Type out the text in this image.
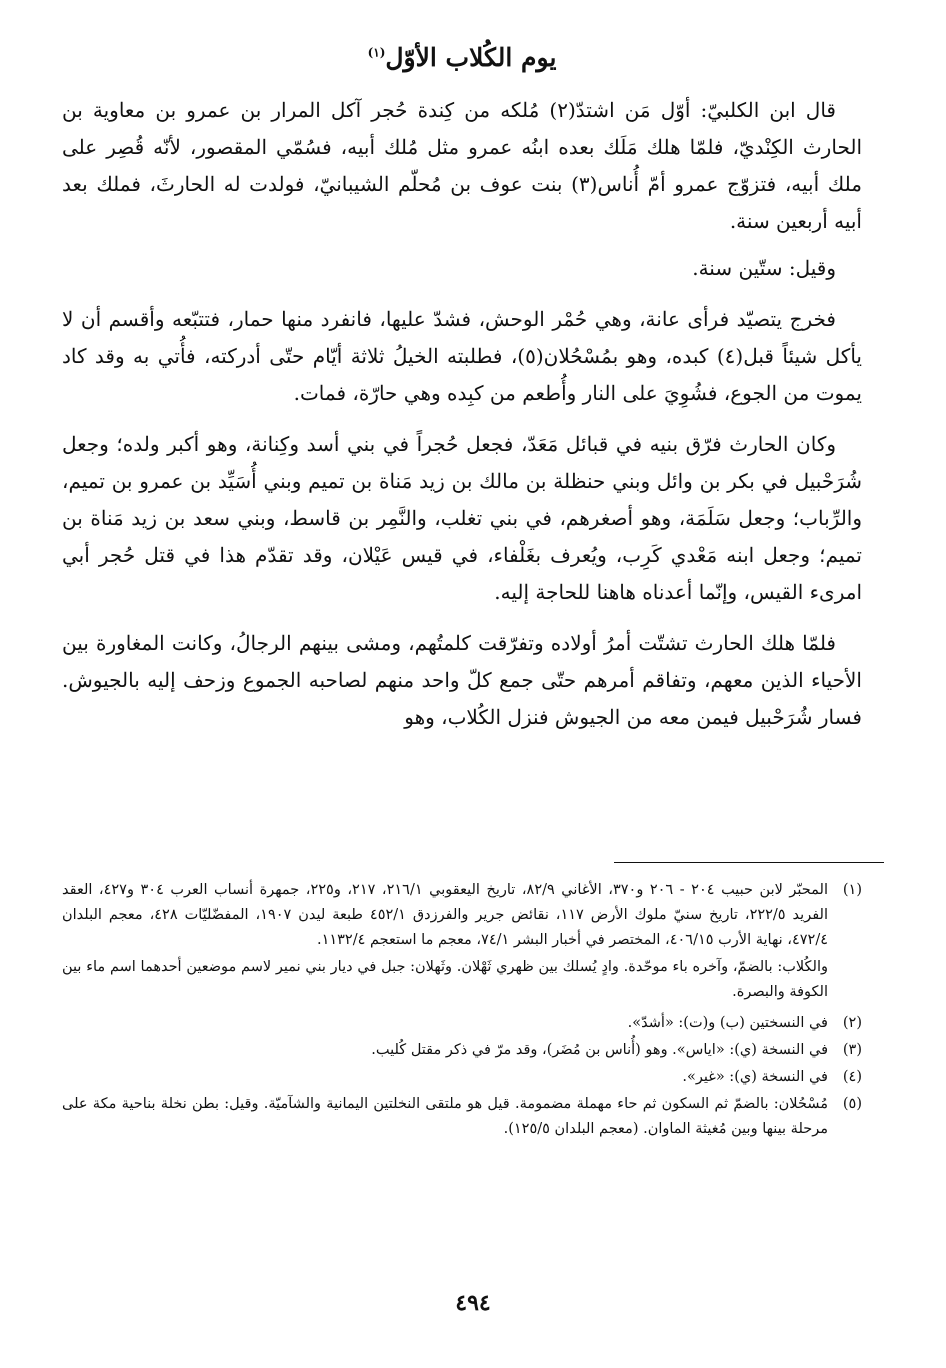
يوم الكُلاب الأوّل$^{(١)}$

قال ابن الكلبيّ: أوّل مَن اشتدّ(٢) مُلكه من كِندة حُجر آكل المرار بن عمرو بن معاوية بن الحارث الكِنْديّ، فلمّا هلك مَلَك بعده ابنُه عمرو مثل مُلك أبيه، فسُمّي المقصور، لأنّه قُصِر على ملك أبيه، فتزوّج عمرو أمّ أُناس(٣) بنت عوف بن مُحلّم الشيبانيّ، فولدت له الحارثَ، فملك بعد أبيه أربعين سنة.

وقيل: ستّين سنة.

فخرج يتصيّد فرأى عانة، وهي حُمْر الوحش، فشدّ عليها، فانفرد منها حمار، فتتبّعه وأقسم أن لا يأكل شيئاً قبل(٤) كبده، وهو بمُسْحُلان(٥)، فطلبته الخيلُ ثلاثة أيّام حتّى أدركته، فأُتي به وقد كاد يموت من الجوع، فشُوِيَ على النار وأُطعم من كبِده وهي حارّة، فمات.

وكان الحارث فرّق بنيه في قبائل مَعَدّ، فجعل حُجراً في بني أسد وكِنانة، وهو أكبر ولده؛ وجعل شُرَحْبيل في بكر بن وائل وبني حنظلة بن مالك بن زيد مَناة بن تميم وبني أُسَيِّد بن عمرو بن تميم، والرِّباب؛ وجعل سَلَمَة، وهو أصغرهم، في بني تغلب، والنَّمِر بن قاسط، وبني سعد بن زيد مَناة بن تميم؛ وجعل ابنه مَعْدي كَرِب، ويُعرف بغَلْفاء، في قيس عَيْلان، وقد تقدّم هذا في قتل حُجر أبي امرىء القيس، وإنّما أعدناه هاهنا للحاجة إليه.

فلمّا هلك الحارث تشتّت أمرُ أولاده وتفرّقت كلمتُهم، ومشى بينهم الرجالُ، وكانت المغاورة بين الأحياء الذين معهم، وتفاقم أمرهم حتّى جمع كلّ واحد منهم لصاحبه الجموع وزحف إليه بالجيوش. فسار شُرَحْبيل فيمن معه من الجيوش فنزل الكُلاب، وهو

(١)
المحبّر لابن حبيب ٢٠٤ - ٢٠٦ و٣٧٠، الأغاني ٨٢/٩، تاريخ اليعقوبي ٢١٦/١، ٢١٧، و٢٢٥، جمهرة أنساب العرب ٣٠٤ و٤٢٧، العقد الفريد ٢٢٢/٥، تاريخ سنيّ ملوك الأرض ١١٧، نقائض جرير والفرزدق ٤٥٢/١ طبعة ليدن ١٩٠٧، المفضّليّات ٤٢٨، معجم البلدان ٤٧٢/٤، نهاية الأرب ٤٠٦/١٥، المختصر في أخبار البشر ٧٤/١، معجم ما استعجم ١١٣٢/٤.
والكُلاب: بالضمّ، وآخره باء موحّدة. وادٍ يُسلك بين ظهري ثَهْلان. وثَهلان: جبل في ديار بني نمير لاسم موضعين أحدهما اسم ماء بين الكوفة والبصرة.
(٢)
في النسختين (ب) و(ت): «أشدّ».
(٣)
في النسخة (ي): «اياس». وهو (أُناس بن مُضَر)، وقد مرّ في ذكر مقتل كُليب.
(٤)
في النسخة (ي): «غير».
(٥)
مُسْحُلان: بالضمّ ثم السكون ثم حاء مهملة مضمومة. قيل هو ملتقى النخلتين اليمانية والشآميّة. وقيل: بطن نخلة بناحية مكة على مرحلة بينها وبين مُغيثة الماوان. (معجم البلدان ١٢٥/٥).
٤٩٤
